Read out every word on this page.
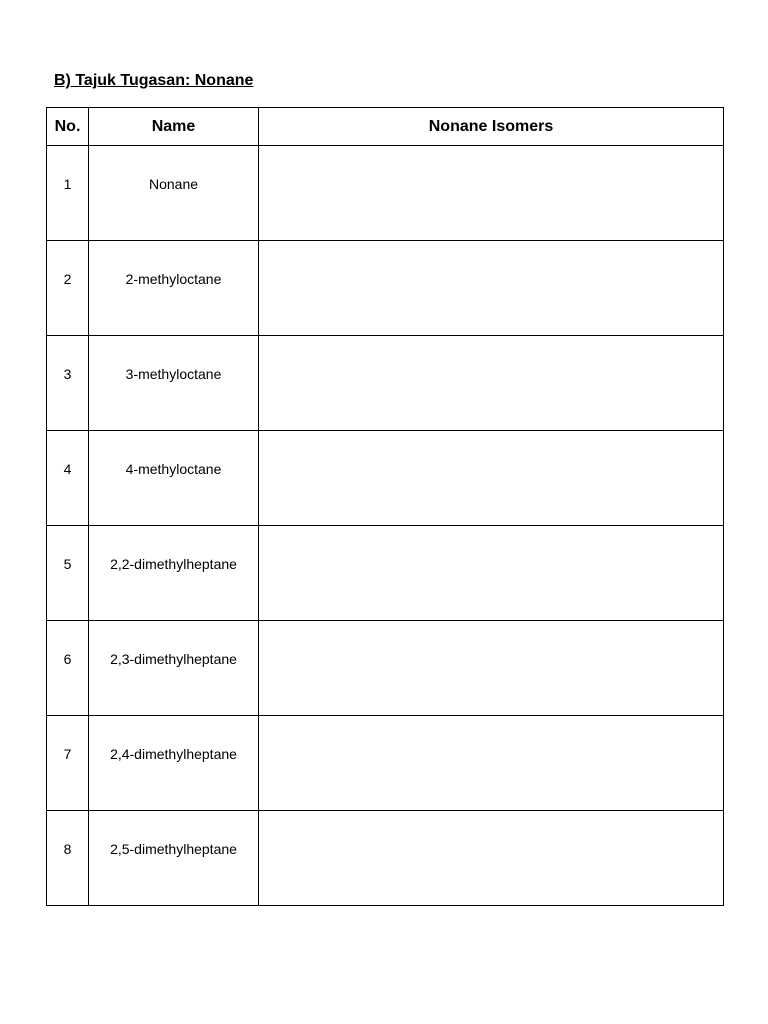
B) Tajuk Tugasan: Nonane
No.	Name	Nonane Isomers

1	Nonane	

2	2-methyloctane	

3	3-methyloctane	

4	4-methyloctane	

5	2,2-dimethylheptane	

6	2,3-dimethylheptane	

7	2,4-dimethylheptane	

8	2,5-dimethylheptane	
